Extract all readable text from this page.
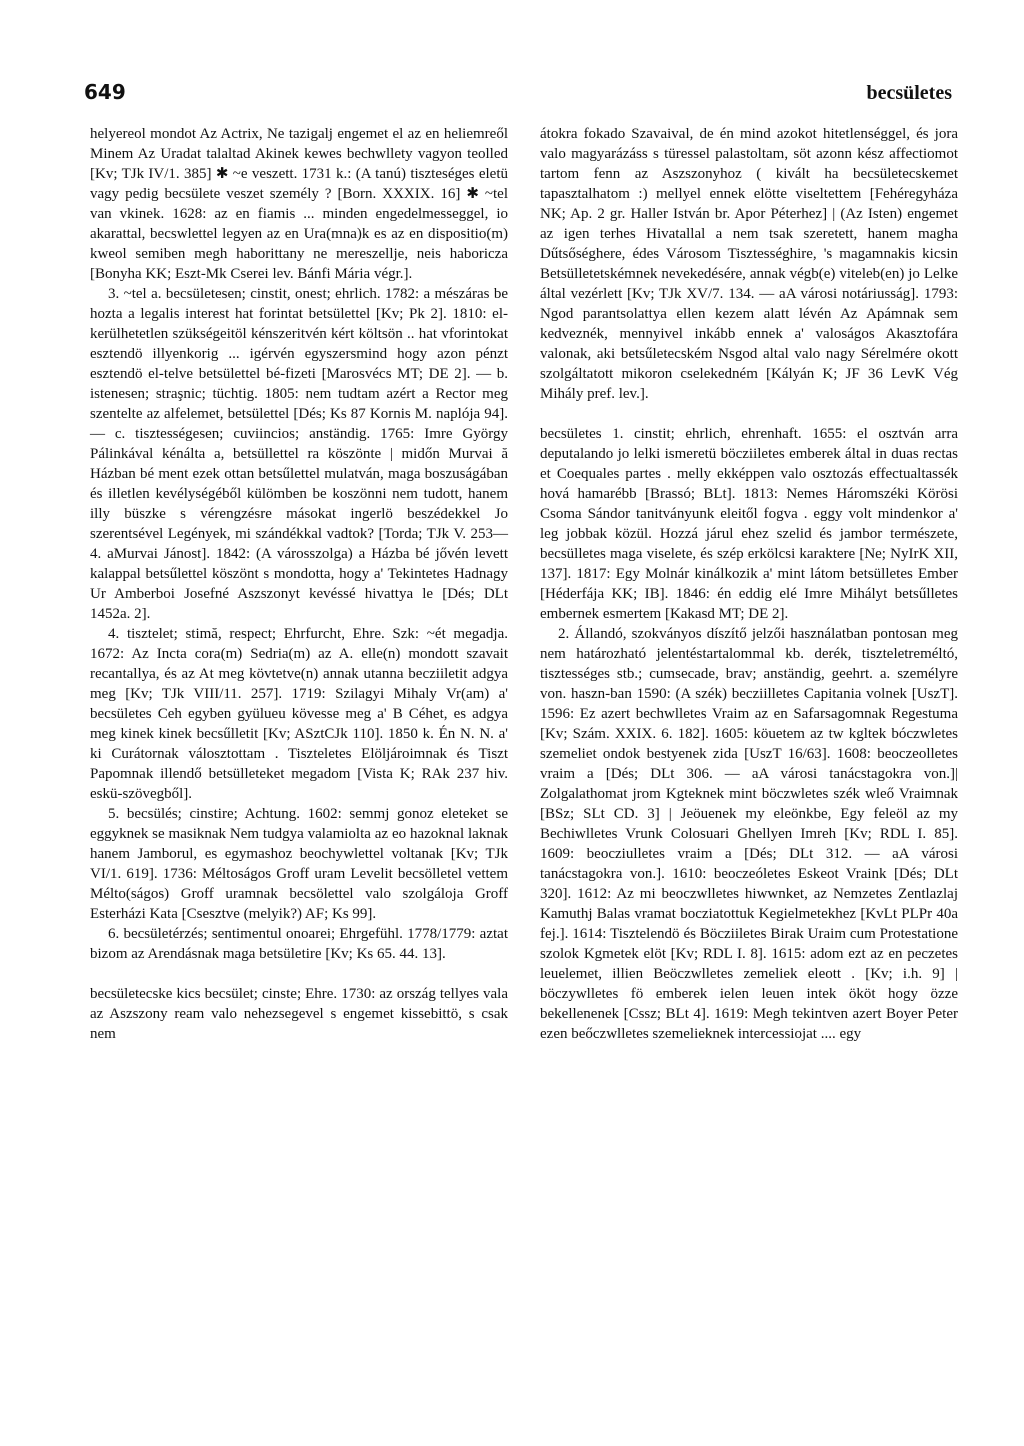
649	becsületes

helyereol mondot Az Actrix, Ne tazigalj engemet el az en heliemreől Minem Az Uradat talaltad Akinek kewes bechwllety vagyon teolled [Kv; TJk IV/1. 385] ✱ ~e veszett. 1731 k.: (A tanú) tiszteséges eletü vagy pedig becsülete veszet személy ? [Born. XXXIX. 16] ✱ ~tel van vkinek. 1628: az en fiamis ... minden engedelmesseggel, io akarattal, becswlettel legyen az en Ura(mna)k es az en dispositio(m) kweol semiben megh haborittany ne mereszellje, neis haboricza [Bonyha KK; Eszt-Mk Cserei lev. Bánfi Mária végr.].

3. ~tel a. becsületesen; cinstit, onest; ehrlich. 1782: a mészáras be hozta a legalis interest hat forintat betsülettel [Kv; Pk 2]. 1810: el-kerülhetetlen szükségeitöl kénszeritvén kért költsön .. hat vforintokat esztendö illyenkorig ... igérvén egyszersmind hogy azon pénzt esztendö el-telve betsülettel bé-fizeti [Marosvécs MT; DE 2]. — b. istenesen; straşnic; tüchtig. 1805: nem tudtam azért a Rector meg szentelte az alfelemet, betsülettel [Dés; Ks 87 Kornis M. naplója 94]. — c. tisztességesen; cuviincios; anständig. 1765: Imre György Pálinkával kénálta a, betsüllettel ra köszönte | midőn Murvai ă Házban bé ment ezek ottan betsűlettel mulatván, maga boszuságában és illetlen kevélységéből külömben be koszönni nem tudott, hanem illy büszke s vérengzésre másokat ingerlö beszédekkel Jo szerentsével Legények, mi szándékkal vadtok? [Torda; TJk V. 253—4. aMurvai Jánost]. 1842: (A városszolga) a Házba bé jővén levett kalappal betsűlettel köszönt s mondotta, hogy a' Tekintetes Hadnagy Ur Amberboi Josefné Aszszonyt kevéssé hivattya le [Dés; DLt 1452a. 2].

4. tisztelet; stimă, respect; Ehrfurcht, Ehre. Szk: ~ét megadja. 1672: Az Incta cora(m) Sedria(m) az A. elle(n) mondott szavait recantallya, és az At meg kövtetve(n) annak utanna becziiletit adgya meg [Kv; TJk VIII/11. 257]. 1719: Szilagyi Mihaly Vr(am) a' becsületes Ceh egyben gyülueu kövesse meg a' B Céhet, es adgya meg kinek kinek becsűlletit [Kv; ASztCJk 110]. 1850 k. Én N. N. a' ki Curátornak válosztottam . Tiszteletes Elöljároimnak és Tiszt Papomnak illendő betsülleteket megadom [Vista K; RAk 237 hiv. eskü-szövegből].

5. becsülés; cinstire; Achtung. 1602: semmj gonoz eleteket se eggyknek se masiknak Nem tudgya valamiolta az eo hazoknal laknak hanem Jamborul, es egymashoz beochywlettel voltanak [Kv; TJk VI/1. 619]. 1736: Méltoságos Groff uram Levelit becsölletel vettem Mélto(ságos) Groff uramnak becsölettel valo szolgáloja Groff Esterházi Kata [Csesztve (melyik?) AF; Ks 99].

6. becsületérzés; sentimentul onoarei; Ehrgefühl. 1778/1779: aztat bizom az Arendásnak maga betsületire [Kv; Ks 65. 44. 13].

becsületecske kics becsület; cinste; Ehre. 1730: az ország tellyes vala az Aszszony ream valo nehezsegevel s engemet kissebittö, s csak nem

átokra fokado Szavaival, de én mind azokot hitetlenséggel, és jora valo magyarázáss s türessel palastoltam, söt azonn kész affectiomot tartom fenn az Aszszonyhoz ( kivált ha becsületecskemet tapasztalhatom :) mellyel ennek elötte viseltettem [Fehéregyháza NK; Ap. 2 gr. Haller István br. Apor Péterhez] | (Az Isten) engemet az igen terhes Hivatallal a nem tsak szeretett, hanem magha Dűtsőséghere, édes Városom Tisztességhire, 's magamnakis kicsin Betsülletetskémnek nevekedésére, annak végb(e) viteleb(en) jo Lelke által vezérlett [Kv; TJk XV/7. 134. — aA városi notáriusság]. 1793: Ngod parantsolattya ellen kezem alatt lévén Az Apámnak sem kedveznék, mennyivel inkább ennek a' valoságos Akasztofára valonak, aki betsűletecském Nsgod altal valo nagy Sérelmére okott szolgáltatott mikoron cselekedném [Kályán K; JF 36 LevK Vég Mihály pref. lev.].

becsületes 1. cinstit; ehrlich, ehrenhaft. 1655: el osztván arra deputalando jo lelki ismeretü böcziiletes emberek által in duas rectas et Coequales partes . melly ekképpen valo osztozás effectualtassék hová hamarébb [Brassó; BLt]. 1813: Nemes Háromszéki Körösi Csoma Sándor tanitványunk eleitől fogva . eggy volt mindenkor a' leg jobbak közül. Hozzá járul ehez szelid és jambor természete, becsülletes maga viselete, és szép erkölcsi karaktere [Ne; NyIrK XII, 137]. 1817: Egy Molnár kinálkozik a' mint látom betsülletes Ember [Héderfája KK; IB]. 1846: én eddig elé Imre Mihályt betsűlletes embernek esmertem [Kakasd MT; DE 2].

2. Állandó, szokványos díszítő jelzői használatban pontosan meg nem határozható jelentéstartalommal kb. derék, tiszteletreméltó, tisztességes stb.; cumsecade, brav; anständig, geehrt. a. személyre von. haszn-ban 1590: (A szék) becziilletes Capitania volnek [UszT]. 1596: Ez azert bechwlletes Vraim az en Safarsagomnak Regestuma [Kv; Szám. XXIX. 6. 182]. 1605: köuetem az tw kgltek bóczwletes szemeliet ondok bestyenek zida [UszT 16/63]. 1608: beoczeolletes vraim a [Dés; DLt 306. — aA városi tanácstagokra von.]| Zolgalathomat jrom Kgteknek mint böczwletes szék wleő Vraimnak [BSz; SLt CD. 3] | Jeöuenek my eleönkbe, Egy feleöl az my Bechiwlletes Vrunk Colosuari Ghellyen Imreh [Kv; RDL I. 85]. 1609: beocziulletes vraim a [Dés; DLt 312. — aA városi tanácstagokra von.]. 1610: beoczeóletes Eskeot Vraink [Dés; DLt 320]. 1612: Az mi beoczwlletes hiwwnket, az Nemzetes Zentlazlaj Kamuthj Balas vramat bocziatottuk Kegielmetekhez [KvLt PLPr 40a fej.]. 1614: Tisztelendö és Böcziiletes Birak Uraim cum Protestatione szolok Kgmetek elöt [Kv; RDL I. 8]. 1615: adom ezt az en peczetes leuelemet, illien Beöczwlletes zemeliek eleott . [Kv; i.h. 9] | böczywlletes fö emberek ielen leuen intek ököt hogy özze bekellenenek [Cssz; BLt 4]. 1619: Megh tekintven azert Boyer Peter ezen beőczwlletes szemelieknek intercessiojat .... egy
